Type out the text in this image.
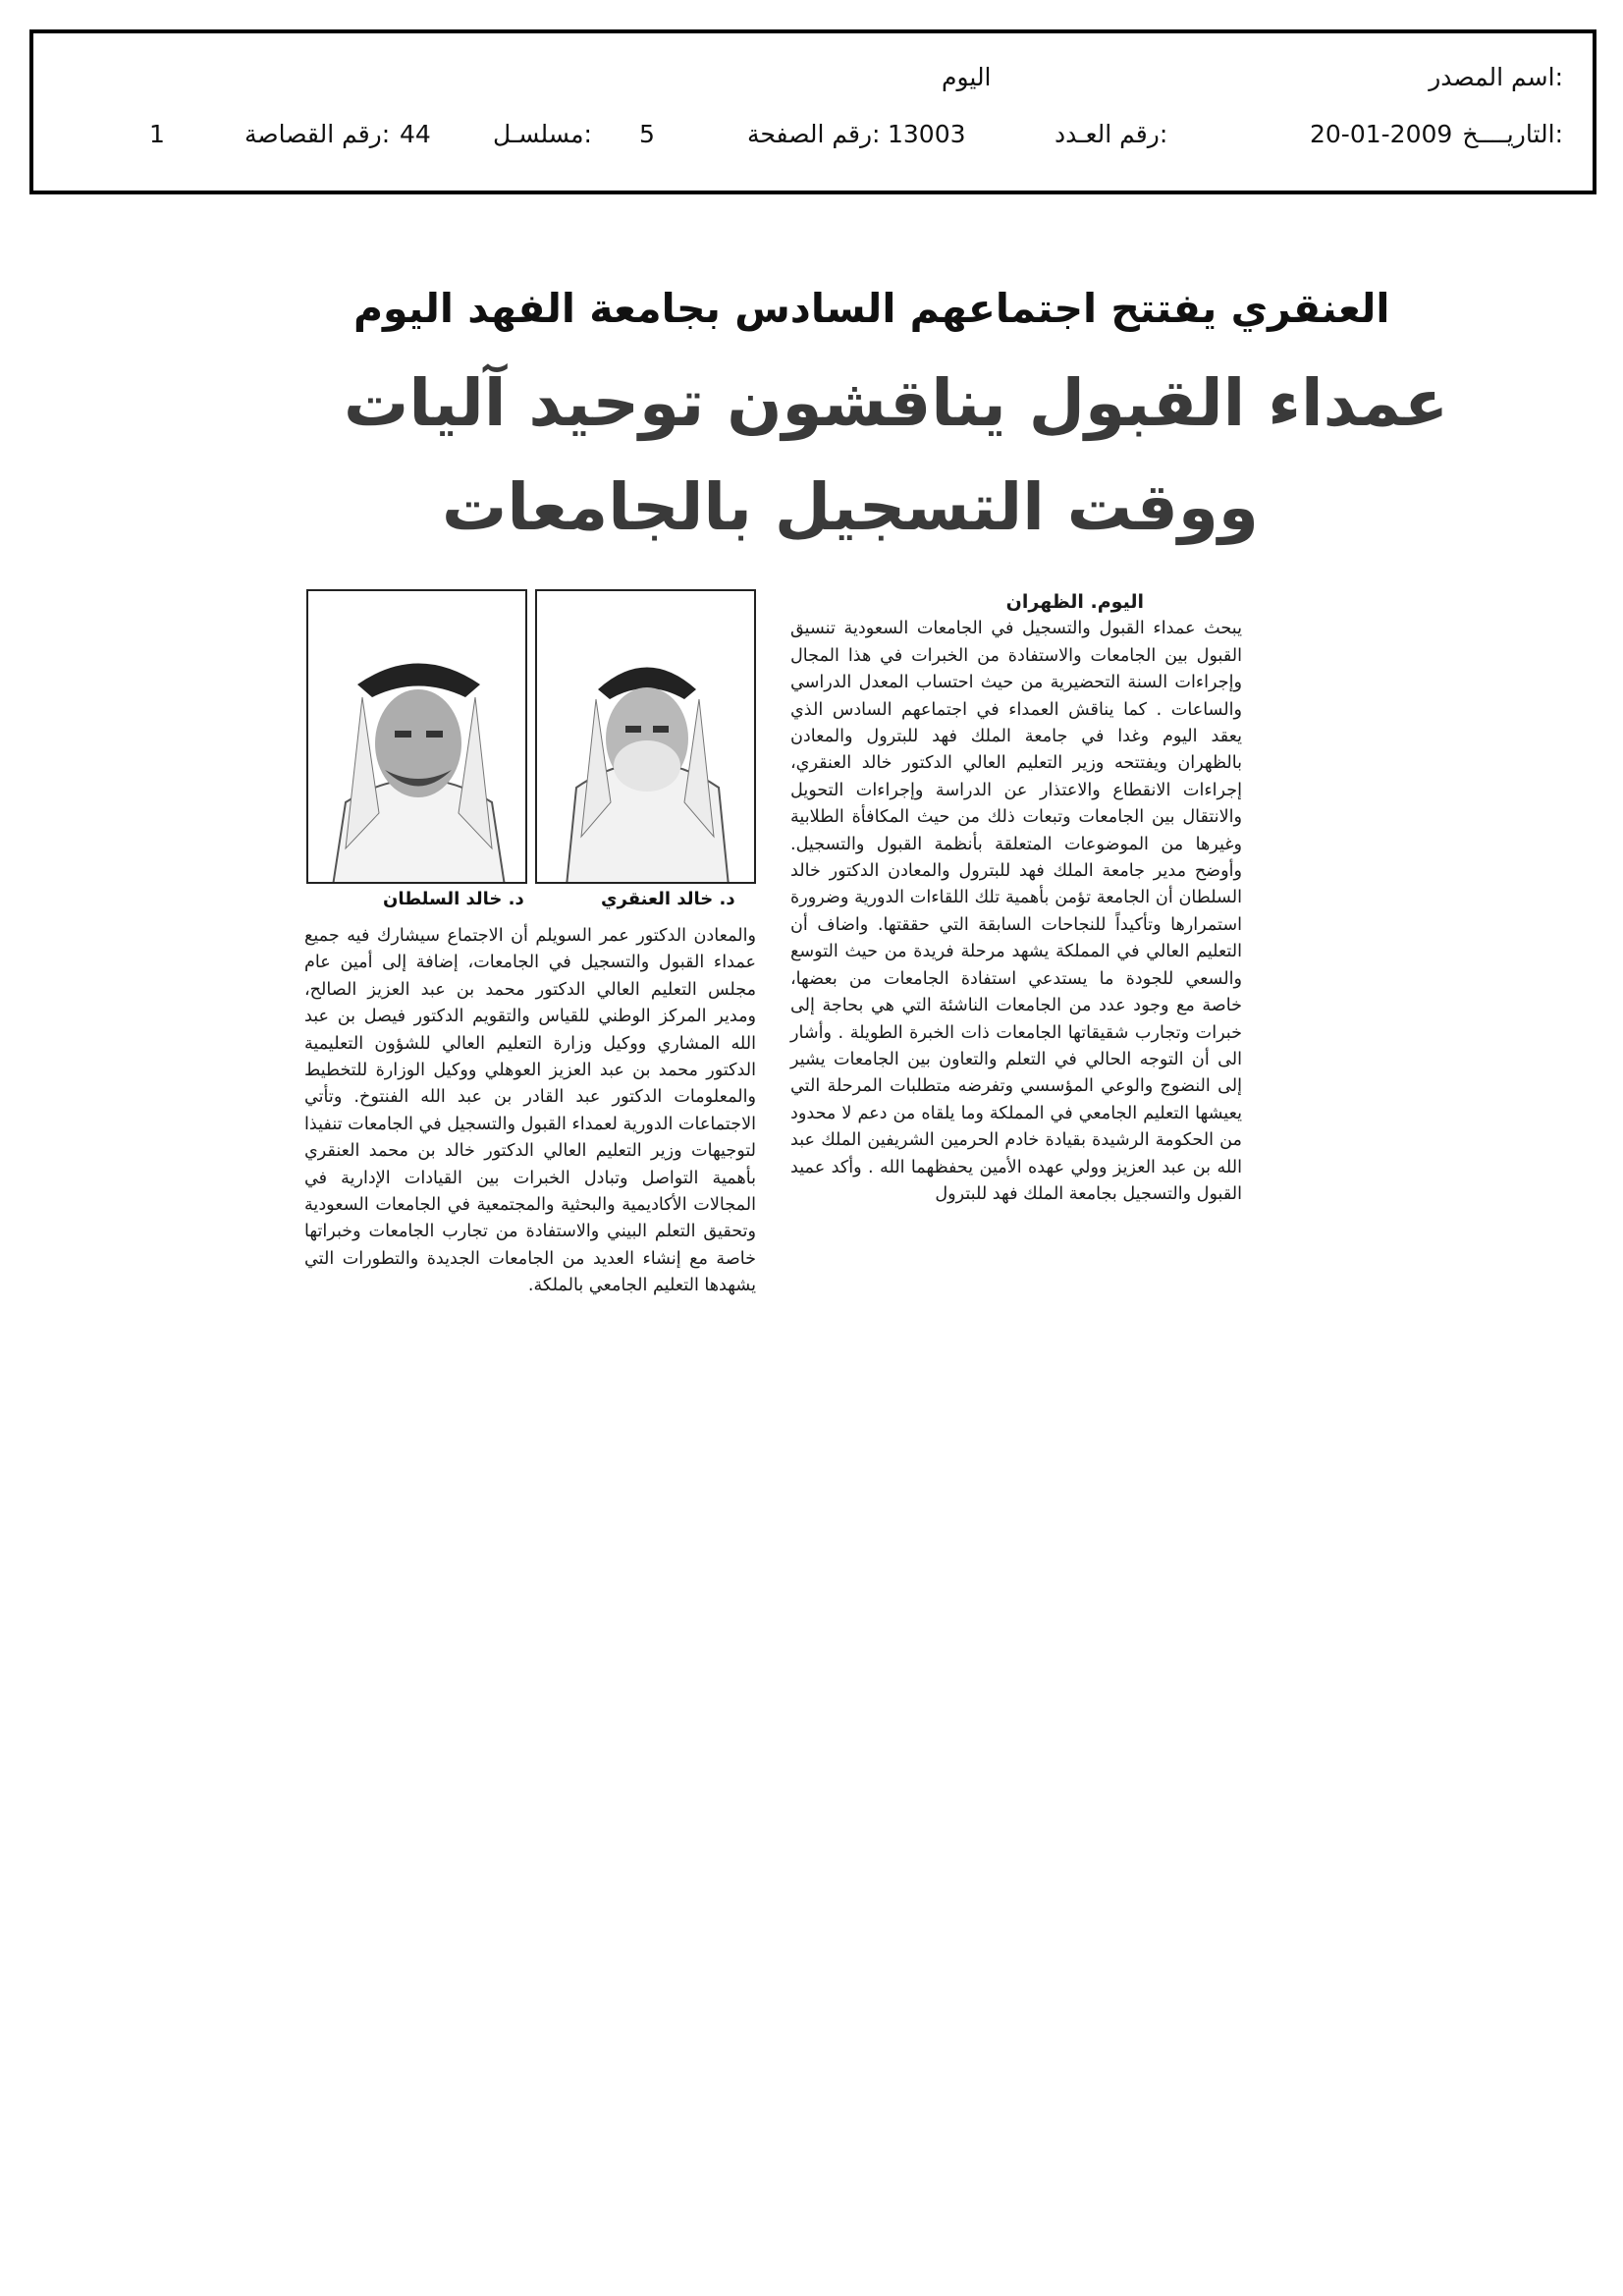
اسم المصدر:
اليوم
التاريــــخ:
20-01-2009
رقم العـدد:
13003
رقم الصفحة:
5
مسلسـل:
44
رقم القصاصة:
1
العنقري يفتتح اجتماعهم السادس بجامعة الفهد اليوم
عمداء القبول يناقشون توحيد آليات
ووقت التسجيل بالجامعات
د. خالد العنقري
د. خالد السلطان
اليوم. الظهران
يبحث عمداء القبول والتسجيل في الجامعات السعودية تنسيق القبول بين الجامعات والاستفادة من الخبرات في هذا المجال وإجراءات السنة التحضيرية من حيث احتساب المعدل الدراسي والساعات . كما يناقش العمداء في اجتماعهم السادس الذي يعقد اليوم وغدا في جامعة الملك فهد للبترول والمعادن بالظهران ويفتتحه وزير التعليم العالي الدكتور خالد العنقري، إجراءات الانقطاع والاعتذار عن الدراسة وإجراءات التحويل والانتقال بين الجامعات وتبعات ذلك من حيث المكافأة الطلابية وغيرها من الموضوعات المتعلقة بأنظمة القبول والتسجيل. وأوضح مدير جامعة الملك فهد للبترول والمعادن الدكتور خالد السلطان أن الجامعة تؤمن بأهمية تلك اللقاءات الدورية وضرورة استمرارها وتأكيداً للنجاحات السابقة التي حققتها. واضاف أن التعليم العالي في المملكة يشهد مرحلة فريدة من حيث التوسع والسعي للجودة ما يستدعي استفادة الجامعات من بعضها، خاصة مع وجود عدد من الجامعات الناشئة التي هي بحاجة إلى خبرات وتجارب شقيقاتها الجامعات ذات الخبرة الطويلة . وأشار الى أن التوجه الحالي في التعلم والتعاون بين الجامعات يشير إلى النضوج والوعي المؤسسي وتفرضه متطلبات المرحلة التي يعيشها التعليم الجامعي في المملكة وما يلقاه من دعم لا محدود من الحكومة الرشيدة بقيادة خادم الحرمين الشريفين الملك عبد الله بن عبد العزيز وولي عهده الأمين يحفظهما الله . وأكد عميد القبول والتسجيل بجامعة الملك فهد للبترول
والمعادن الدكتور عمر السويلم أن الاجتماع سيشارك فيه جميع عمداء القبول والتسجيل في الجامعات، إضافة إلى أمين عام مجلس التعليم العالي الدكتور محمد بن عبد العزيز الصالح، ومدير المركز الوطني للقياس والتقويم الدكتور فيصل بن عبد الله المشاري ووكيل وزارة التعليم العالي للشؤون التعليمية الدكتور محمد بن عبد العزيز العوهلي ووكيل الوزارة للتخطيط والمعلومات الدكتور عبد القادر بن عبد الله الفنتوخ. وتأتي الاجتماعات الدورية لعمداء القبول والتسجيل في الجامعات تنفيذا لتوجيهات وزير التعليم العالي الدكتور خالد بن محمد العنقري بأهمية التواصل وتبادل الخبرات بين القيادات الإدارية في المجالات الأكاديمية والبحثية والمجتمعية في الجامعات السعودية وتحقيق التعلم البيني والاستفادة من تجارب الجامعات وخبراتها خاصة مع إنشاء العديد من الجامعات الجديدة والتطورات التي يشهدها التعليم الجامعي بالملكة.
